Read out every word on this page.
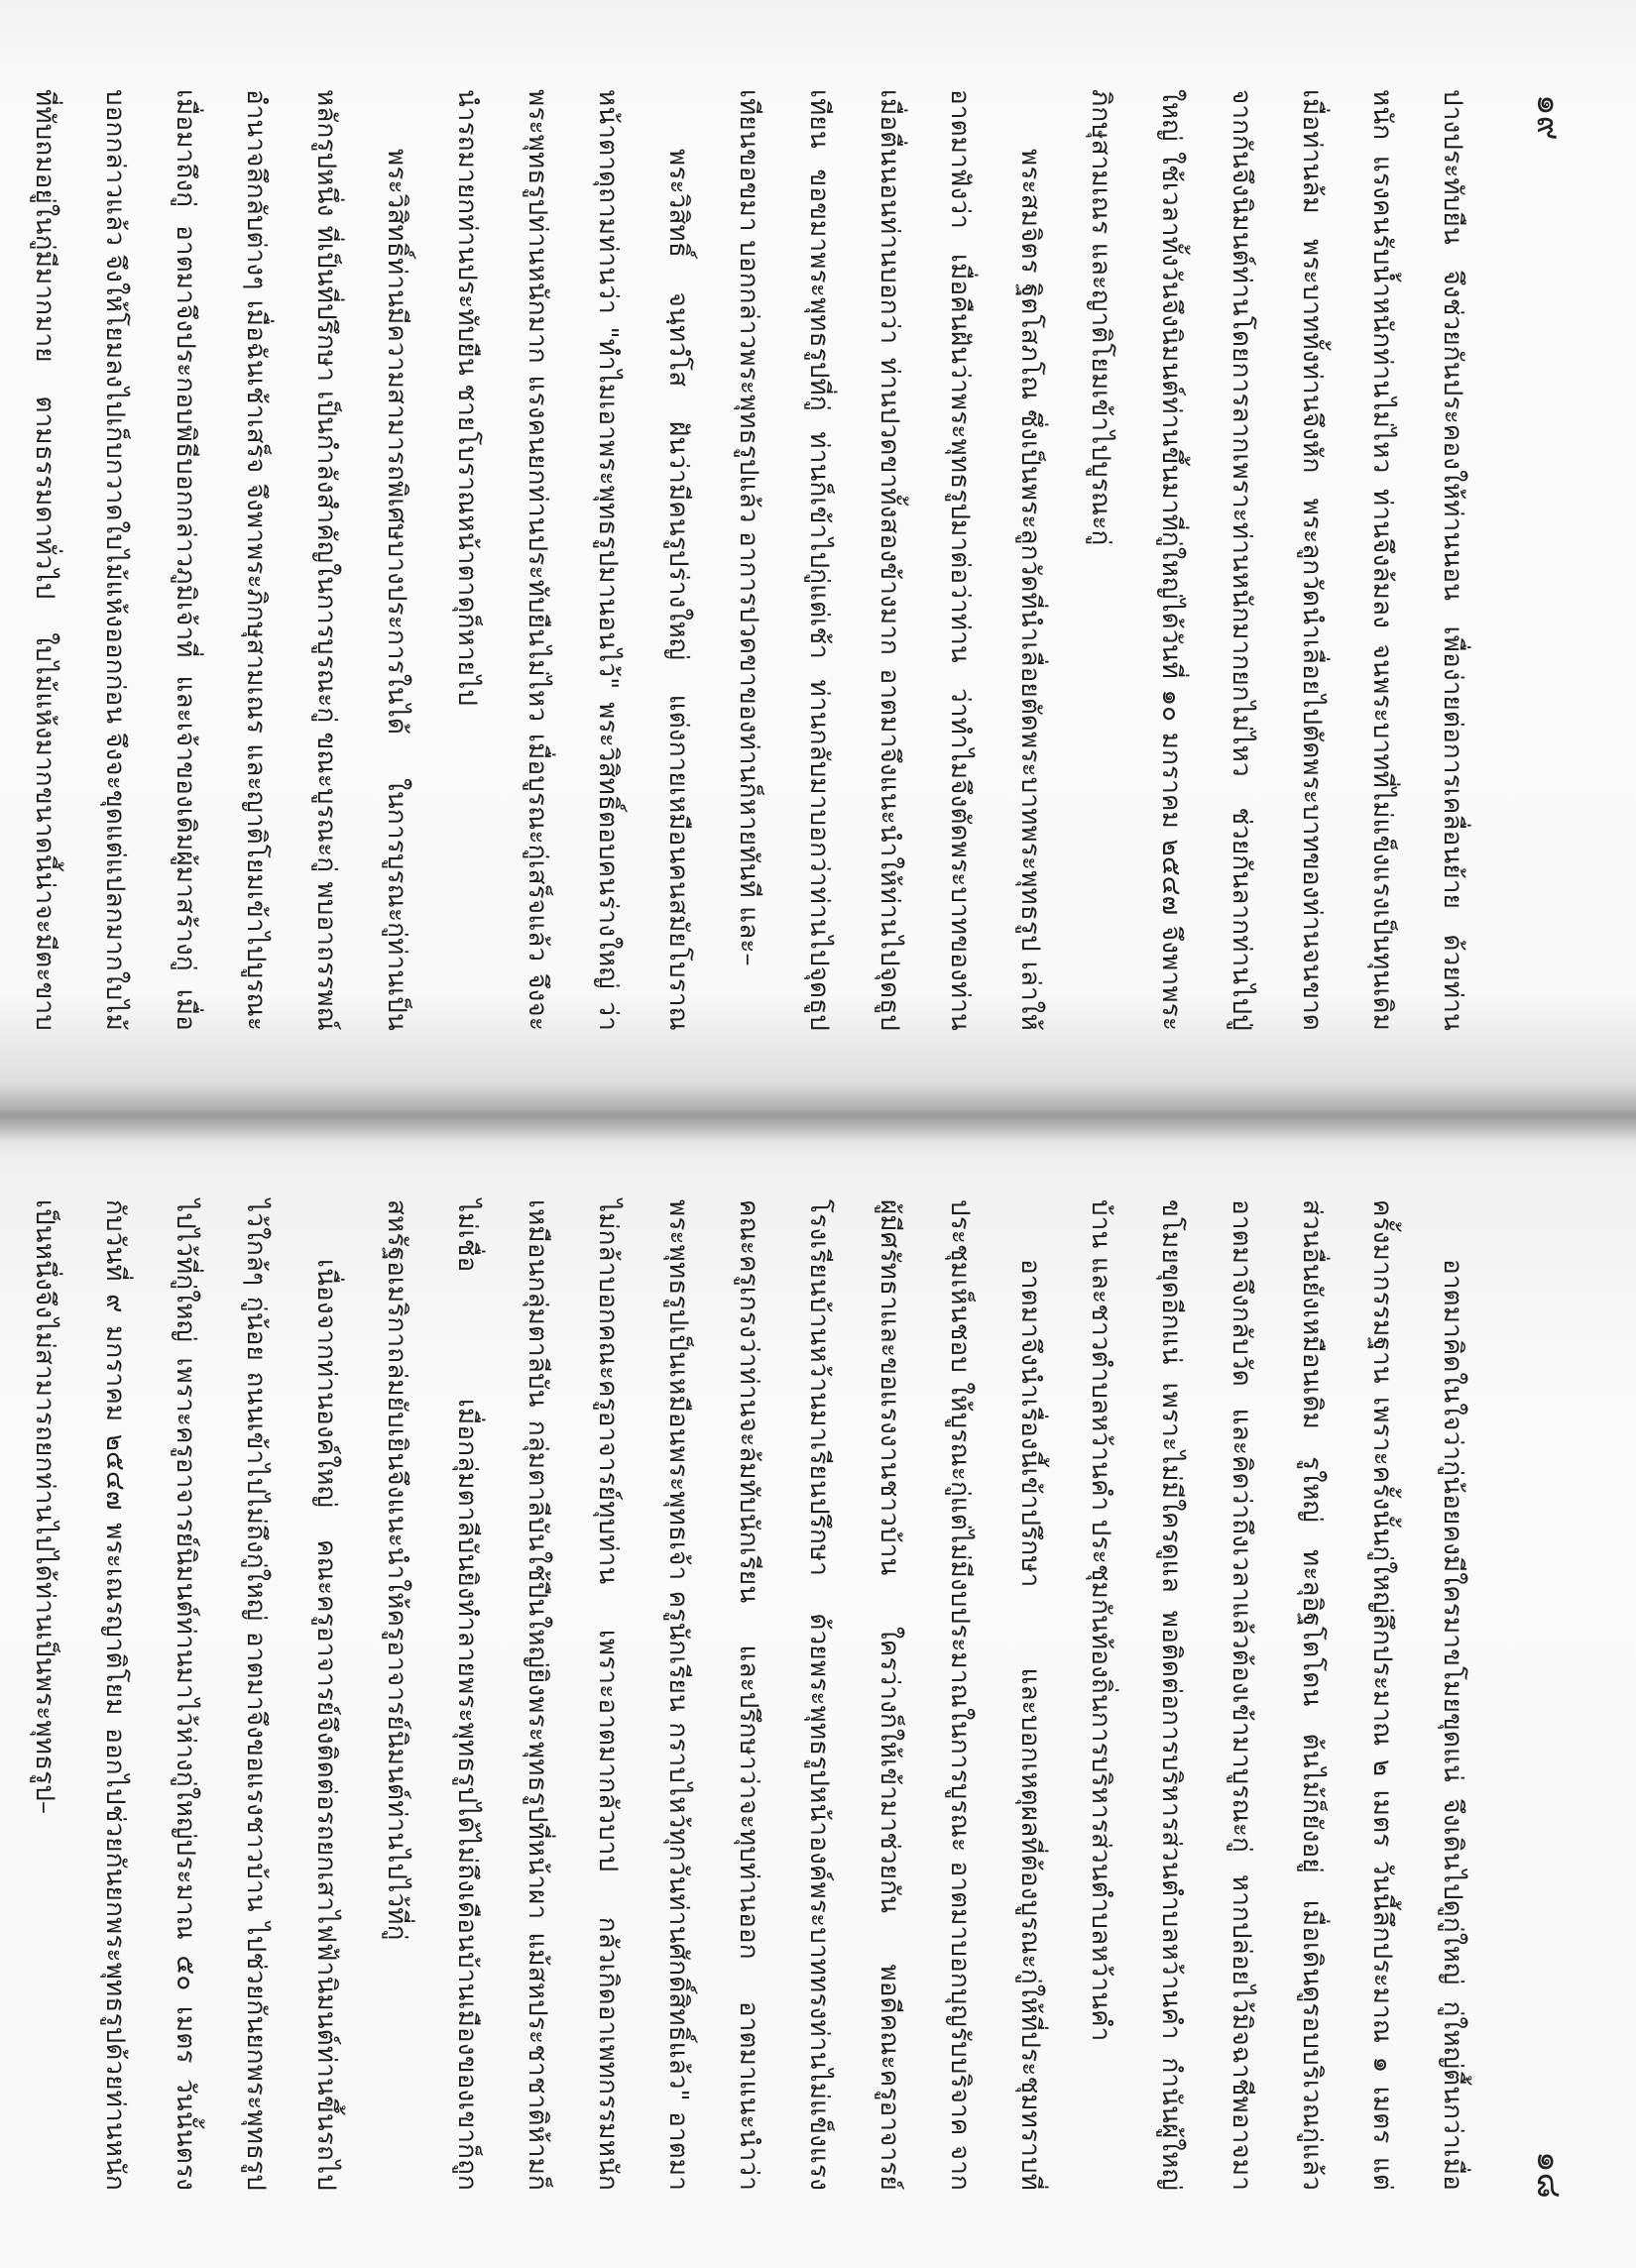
๑๙

ปางประทับยืน จึงช่วยกันประคองให้ท่านนอน เพื่อง่ายต่อการเคลื่อนย้าย ด้วยท่านหนัก แรงคนรับน้ำหนักท่านไม่ไหว ท่านจึงล้มลง จนพระบาทที่ไม่แข็งแรงเป็นทุนเดิมเมื่อท่านล้ม พระบาททั้งท่านจึงหัก พระลูกวัดนำเลื่อยไปตัดพระบาทของท่านจนขาดจากกันจึงนิมนต์ท่านโดยการลากเพราะท่านหนักมากยกไม่ไหว ช่วยกันลากท่านไปปู่ใหญ่ ใช้เวลาทั้งวันจึงนิมนต์ท่านขึ้นมาที่กู่ใหญ่ได้วันที่ ๑๐ มกราคม ๒๕๔๗ จึงพาพระภิกษุสามเณร และญาติโยมเข้าไปบูรณะกู่

พระสมจิตร ฐิตโสภโณ ซึ่งเป็นพระลูกวัดที่นำเลื่อยตัดพระบาทพระพุทธรูป เล่าให้อาตมาฟังว่า เมื่อคืนฝันว่าพระพุทธรูปมาต่อว่าท่าน ว่าทำไมจึงตัดพระบาทของท่านเมื่อตื่นนอนท่านบอกว่า ท่านปวดขาทั้งสองข้างมาก อาตมาจึงแนะนำให้ท่านไปจุดธูปเทียน ขอขมาพระพุทธรูปที่กู่ ท่านก็เข้าไปกู่แต่เช้า ท่านกลับมาบอกว่าท่านไปจุดธูปเทียนขอขมา บอกกล่าวพระพุทธรูปแล้ว อาการปวดขาของท่านก็หายทันที และ–

พระวิสิทธิ์ จนฺทวํโส ฝันว่ามีคนรูปร่างใหญ่ แต่งกายเหมือนคนสมัยโบราณหน้าตาดุถามท่านว่า "ทำไมเอาพระพุทธรูปมานอนไว้" พระวิสิทธิ์ตอบคนร่างใหญ่ ว่า พระพุทธรูปท่านหนักมาก แรงคนยกท่านประทับยืนไม่ไหว เมื่อบูรณะกู่เสร็จแล้ว จึงจะนำรถมายกท่านประทับยืน ชายโบราณหน้าตาดุก็หายไป

พระวิสิทธิ์ท่านมีความสามารถพิเศษบางประการในได้ ในการบูรณะกู่ท่านเป็นหลักรูปหนึ่ง ที่เป็นที่ปรึกษา เป็นกำลังสำคัญในการบูรณะกู่ ขณะบูรณะกู่ พบอาถรรพณ์อำนาจลึกลับต่างๆ เมื่อฉันเช้าเสร็จ จึงพาพระภิกษุสามเณร และญาติโยมเข้าไปบูรณะเมื่อมาถึงกู่ อาตมาจึงประกอบพิธีบอกกล่าวภูมิเจ้าที่ และเจ้าของเดิมผู้มาสร้างกู่ เมื่อบอกกล่าวแล้ว จึงให้โยมลงไปเก็บกวาดใบไม้แห้งออกก่อน จึงจะขุดแต่แปลกมากใบไม้ที่ทับถมอยู่ในกู่มีมากมาย ตามธรรมดาทั่วไป ใบไม้แห้งมากขนาดนี้น่าจะมีตะขาบ

๑๘

อาตมาคิดในใจว่ากู่น้อยคงมีใครมาขโมยขุดแน่ จึงเดินไปดูกู่ใหญ่ กู่ใหญ่ตื้นกว่าเมื่อครั้งมากรรมฐาน เพราะครั้งนั้นกู่ใหญ่ลึกประมาณ ๒ เมตร วันนี้ลึกประมาณ ๑ เมตร แต่ส่วนอื่นยังเหมือนเดิม รูใหญ่ ทะลุอิฐโตโดน ต้นไม้ก็ยังอยู่ เมื่อเดินดูรอบบริเวณกู่แล้ว อาตมาจึงกลับวัด และคิดว่าถึงเวลาแล้วต้องเข้ามาบูรณะกู่ หากปล่อยไว้มิจฉาชีพอาจมาขโมยขุดอีกแน่ เพราะไม่มีใครดูแล พอติดต่อการบริหารส่วนตำบลหว้านคำ กำนันผู้ใหญ่บ้าน และชาวตำบลหว้านคำ ประชุมกันท้องถิ่นการบริหารส่วนตำบลหว้านคำ

อาตมาจึงนำเรื่องนี้เข้าปรึกษา และบอกเหตุผลที่ต้องบูรณะกู่ให้ที่ประชุมทราบที่ประชุมเห็นชอบ ให้บูรณะกู่แต่ไม่มีงบประมาณในการบูรณะ อาตมาบอกบุญรับบริจาค จากผู้มีศรัทธาและขอแรงงานชาวบ้าน ใครว่างก็ให้เข้ามาช่วยกัน พอดีคณะครูอาจารย์โรงเรียนบ้านหว้านมาเรียนปรึกษา ด้วยพระพุทธรูปหน้าองค์พระบาททรงท่านไม่แข็งแรง คณะครูเกรงว่าท่านจะล้มทับนักเรียน และปรึกษาว่าจะทุบท่านออก อาตมาแนะนำว่าพระพุทธรูปเป็นเหมือนพระพุทธเจ้า ครูนักเรียน กราบไหว้ทุกวันท่านศักดิ์สิทธิ์แล้ว" อาตมาไม่กล้าบอกคณะครูอาจารย์ทุบท่าน เพราะอาตมากลัวบาป กลัวเกิดอาเพทกรรมหนักเหมือนกลุ่มตาลีบัน กลุ่มตาลีบันใช้ปืนใหญ่ยิงพระพุทธรูปที่หน้าผา แม้สหประชาชาติห้ามก็ไม่เชื่อ เมื่อกลุ่มตาลีบันยิงทำลายพระพุทธรูปได้ไม่ถึงเดือนบ้านเมืองของเขาก็ถูกสหรัฐอเมริกาถล่มยับเยินจึงแนะนำให้ครูอาจารย์นิมนต์ท่านไปไว้ที่กู่

เนื่องจากท่านองค์ใหญ่ คณะครูอาจารย์จึงติดต่อรถยกเสาไฟฟ้านิมนต์ท่านขึ้นรถไปไว้ใกล้ๆ กู่น้อย ถนนเข้าไปไม่ถึงกู่ใหญ่ อาตมาจึงขอแรงชาวบ้าน ไปช่วยกันยกพระพุทธรูปไปไว้ที่กู่ใหญ่ เพราะครูอาจารย์นิมนต์ท่านมาไว้ห่างกู่ใหญ่ประมาณ ๕๐ เมตร วันนั้นตรงกับวันที่ ๙ มกราคม ๒๕๔๗ พระเณรญาติโยม ออกไปช่วยกันยกพระพุทธรูปด้วยท่านหนักเป็นหนึ่งจึงไม่สามารถยกท่านไปได้ท่านเป็นพระพุทธรูป–
